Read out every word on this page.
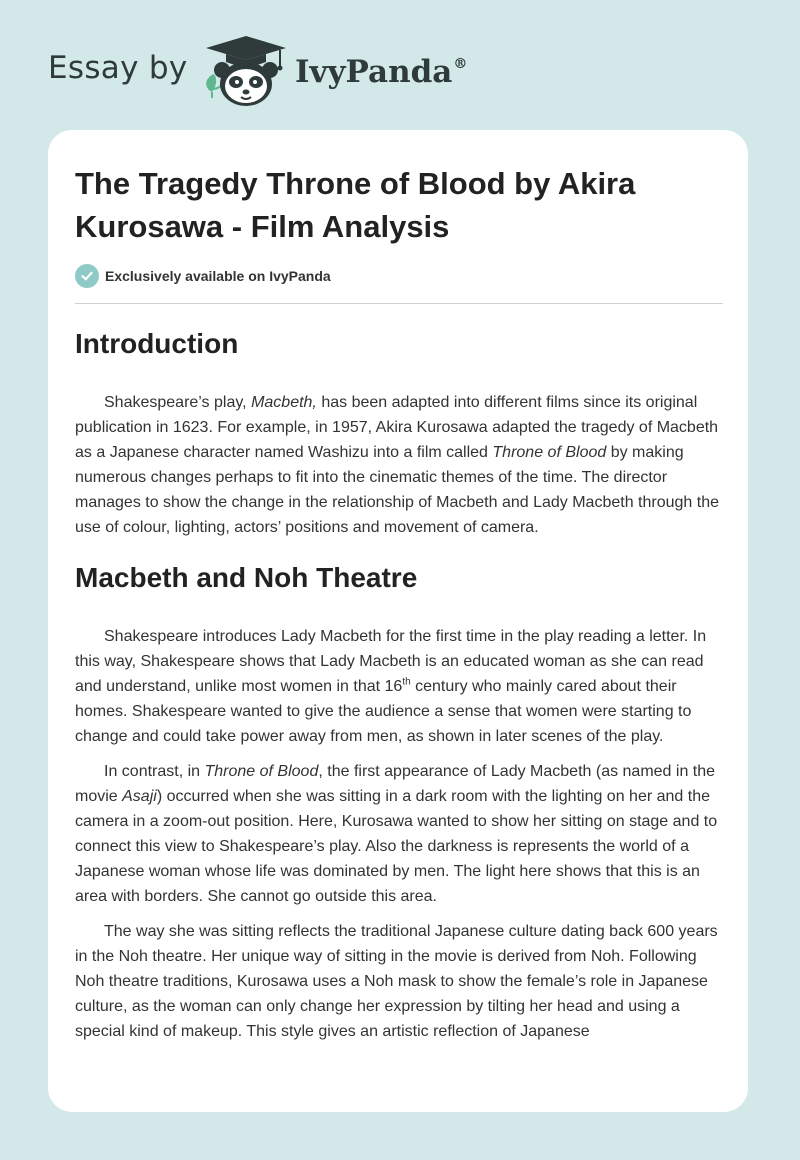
Essay by	IvyPanda®
The Tragedy Throne of Blood by Akira Kurosawa - Film Analysis
Exclusively available on IvyPanda
Introduction

Shakespeare’s play, Macbeth, has been adapted into different films since its original publication in 1623. For example, in 1957, Akira Kurosawa adapted the tragedy of Macbeth as a Japanese character named Washizu into a film called Throne of Blood by making numerous changes perhaps to fit into the cinematic themes of the time. The director manages to show the change in the relationship of Macbeth and Lady Macbeth through the use of colour, lighting, actors’ positions and movement of camera.

Macbeth and Noh Theatre

Shakespeare introduces Lady Macbeth for the first time in the play reading a letter. In this way, Shakespeare shows that Lady Macbeth is an educated woman as she can read and understand, unlike most women in that 16th century who mainly cared about their homes. Shakespeare wanted to give the audience a sense that women were starting to change and could take power away from men, as shown in later scenes of the play.

In contrast, in Throne of Blood, the first appearance of Lady Macbeth (as named in the movie Asaji) occurred when she was sitting in a dark room with the lighting on her and the camera in a zoom-out position. Here, Kurosawa wanted to show her sitting on stage and to connect this view to Shakespeare’s play. Also the darkness is represents the world of a Japanese woman whose life was dominated by men. The light here shows that this is an area with borders. She cannot go outside this area.

The way she was sitting reflects the traditional Japanese culture dating back 600 years in the Noh theatre. Her unique way of sitting in the movie is derived from Noh. Following Noh theatre traditions, Kurosawa uses a Noh mask to show the female’s role in Japanese culture, as the woman can only change her expression by tilting her head and using a special kind of makeup. This style gives an artistic reflection of Japanese
